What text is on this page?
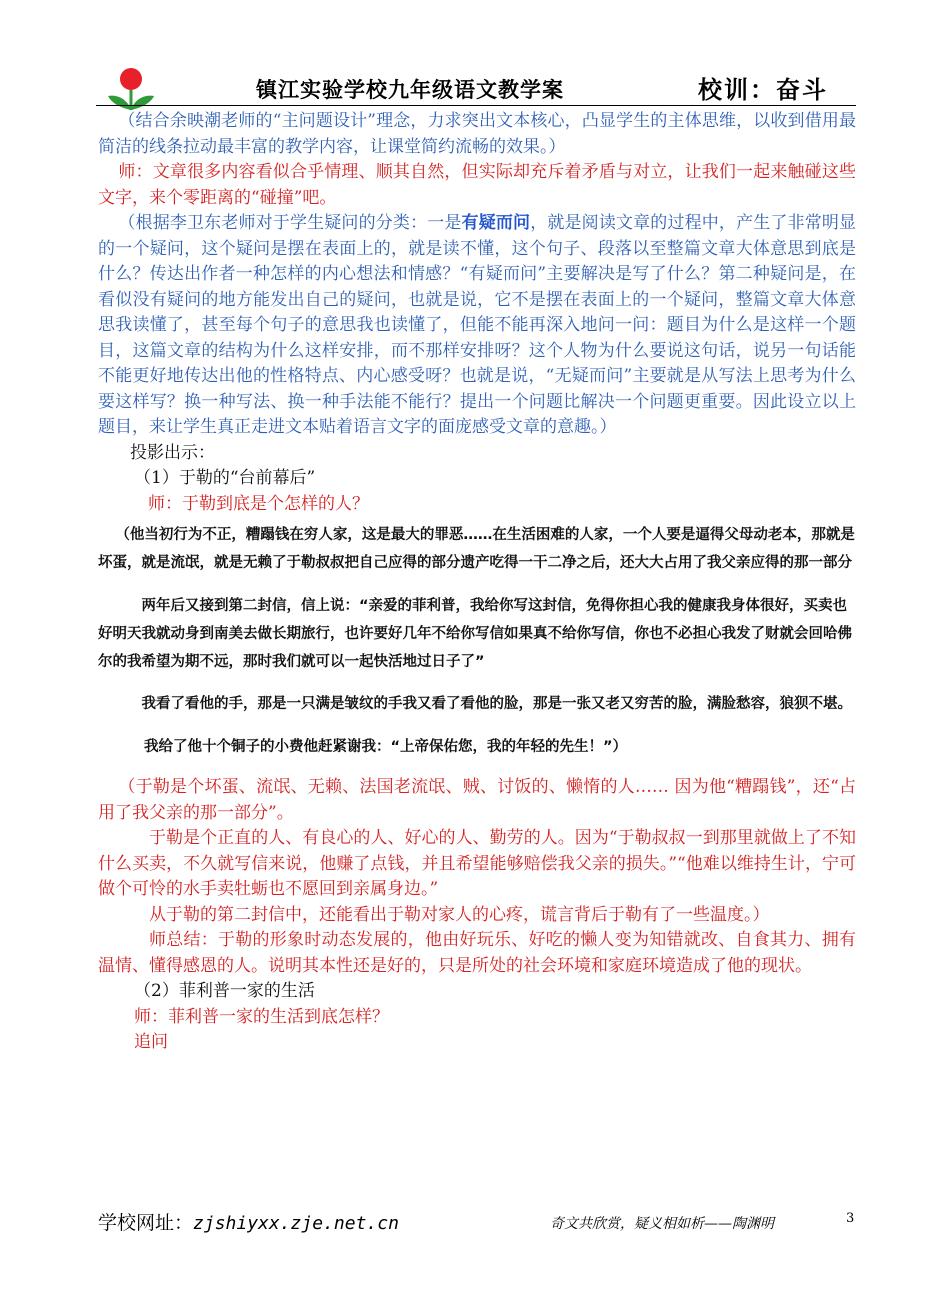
镇江实验学校九年级语文教学案	校训：奋斗

（结合余映潮老师的“主问题设计”理念，力求突出文本核心，凸显学生的主体思维，以收到借用最简洁的线条拉动最丰富的教学内容，让课堂简约流畅的效果。）

师：文章很多内容看似合乎情理、顺其自然，但实际却充斥着矛盾与对立，让我们一起来触碰这些文字，来个零距离的“碰撞”吧。

（根据李卫东老师对于学生疑问的分类：一是有疑而问，就是阅读文章的过程中，产生了非常明显的一个疑问，这个疑问是摆在表面上的，就是读不懂，这个句子、段落以至整篇文章大体意思到底是什么？传达出作者一种怎样的内心想法和情感？“有疑而问”主要解决是写了什么？第二种疑问是，在看似没有疑问的地方能发出自己的疑问，也就是说，它不是摆在表面上的一个疑问，整篇文章大体意思我读懂了，甚至每个句子的意思我也读懂了，但能不能再深入地问一问：题目为什么是这样一个题目，这篇文章的结构为什么这样安排，而不那样安排呀？这个人物为什么要说这句话，说另一句话能不能更好地传达出他的性格特点、内心感受呀？也就是说，“无疑而问”主要就是从写法上思考为什么要这样写？换一种写法、换一种手法能不能行？提出一个问题比解决一个问题更重要。因此设立以上题目，来让学生真正走进文本贴着语言文字的面庞感受文章的意趣。）

投影出示：

（1）于勒的“台前幕后”

师：于勒到底是个怎样的人？

（他当初行为不正，糟蹋钱在穷人家，这是最大的罪恶……在生活困难的人家，一个人要是逼得父母动老本，那就是坏蛋，就是流氓，就是无赖了于勒叔叔把自己应得的部分遗产吃得一干二净之后，还大大占用了我父亲应得的那一部分

两年后又接到第二封信，信上说：“亲爱的菲利普，我给你写这封信，免得你担心我的健康我身体很好，买卖也好明天我就动身到南美去做长期旅行，也许要好几年不给你写信如果真不给你写信，你也不必担心我发了财就会回哈佛尔的我希望为期不远，那时我们就可以一起快活地过日子了”

我看了看他的手，那是一只满是皱纹的手我又看了看他的脸，那是一张又老又穷苦的脸，满脸愁容，狼狈不堪。

我给了他十个铜子的小费他赶紧谢我：“上帝保佑您，我的年轻的先生！”）

（于勒是个坏蛋、流氓、无赖、法国老流氓、贼、讨饭的、懒惰的人…… 因为他“糟蹋钱”，还“占用了我父亲的那一部分”。

于勒是个正直的人、有良心的人、好心的人、勤劳的人。因为“于勒叔叔一到那里就做上了不知什么买卖，不久就写信来说，他赚了点钱，并且希望能够赔偿我父亲的损失。”“他难以维持生计，宁可做个可怜的水手卖牡蛎也不愿回到亲属身边。”

从于勒的第二封信中，还能看出于勒对家人的心疼，谎言背后于勒有了一些温度。）

师总结：于勒的形象时动态发展的，他由好玩乐、好吃的懒人变为知错就改、自食其力、拥有温情、懂得感恩的人。说明其本性还是好的，只是所处的社会环境和家庭环境造成了他的现状。

（2）菲利普一家的生活

师：菲利普一家的生活到底怎样？

追问

学校网址：zjshiyxx.zje.net.cn	奇文共欣赏，疑义相如析——陶渊明	3
